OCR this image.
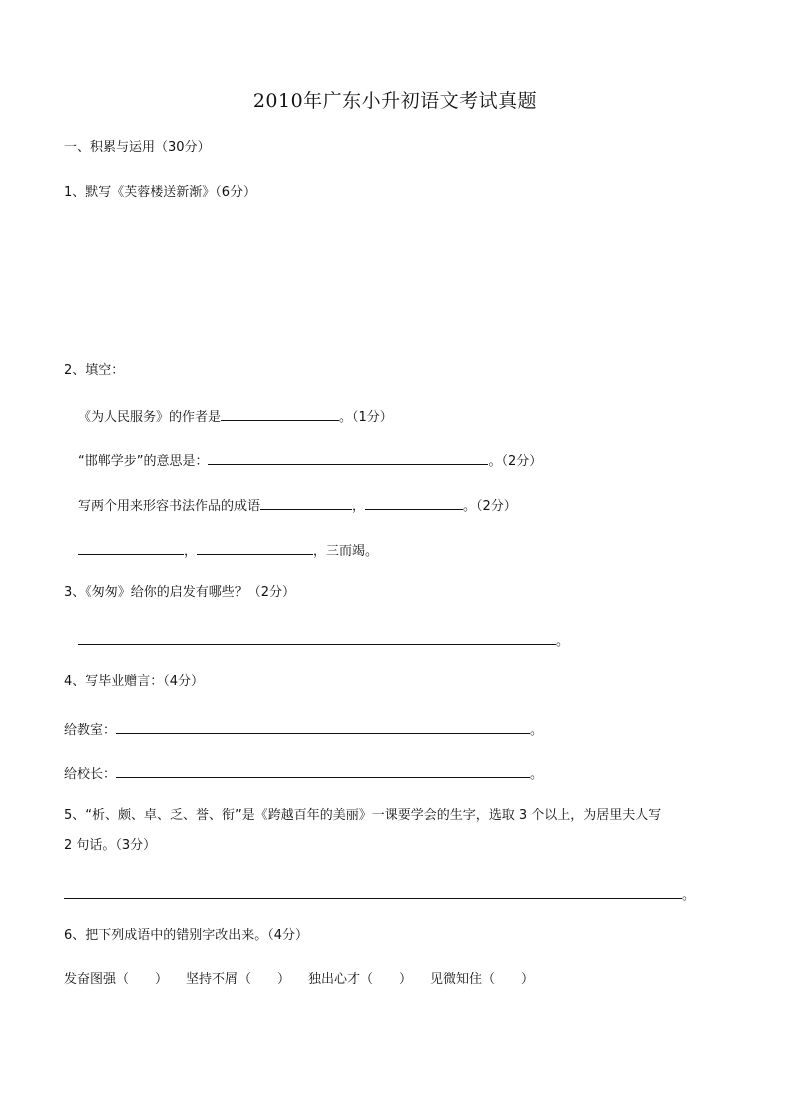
2010年广东小升初语文考试真题
一、积累与运用（30分）
1、默写《芙蓉楼送新渐》（6分）
2、填空：
《为人民服务》的作者是	。（1分）
“邯郸学步”的意思是：	。（2分）
写两个用来形容书法作品的成语	，	。（2分）
，	，三而竭。
3、《匆匆》给你的启发有哪些？（2分）
。
4、写毕业赠言：（4分）
给教室：	。
给校长：	。
5、“析、颇、卓、乏、誉、衔”是《跨越百年的美丽》一课要学会的生字，选取 3 个以上，为居里夫人写
2 句话。（3分）
。
6、把下列成语中的错别字改出来。（4分）
发奋图强（　　） 坚持不屑（　　） 独出心才（　　） 见微知住（　　）
